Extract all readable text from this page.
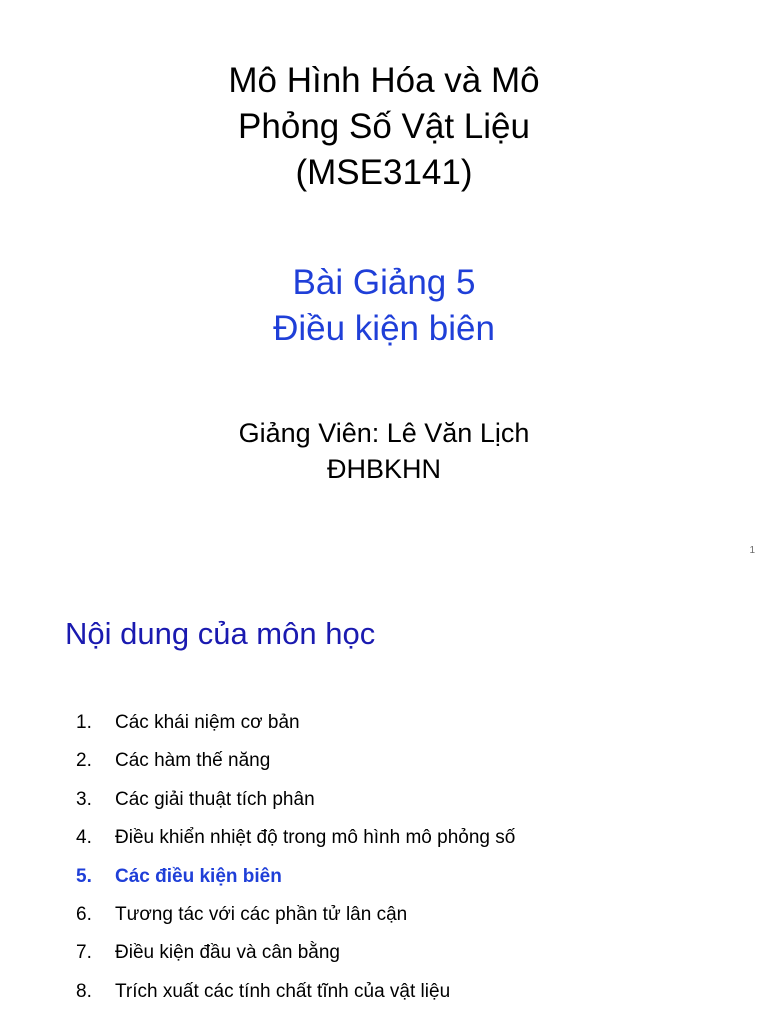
Mô Hình Hóa và Mô
Phỏng Số Vật Liệu
(MSE3141)
Bài Giảng 5
Điều kiện biên
Giảng Viên: Lê Văn Lịch
ĐHBKHN
1
Nội dung của môn học
1.	Các khái niệm cơ bản
2.	Các hàm thế năng
3.	Các giải thuật tích phân
4.	Điều khiển nhiệt độ trong mô hình mô phỏng số
5.	Các điều kiện biên
6.	Tương tác với các phần tử lân cận
7.	Điều kiện đầu và cân bằng
8.	Trích xuất các tính chất tĩnh của vật liệu
